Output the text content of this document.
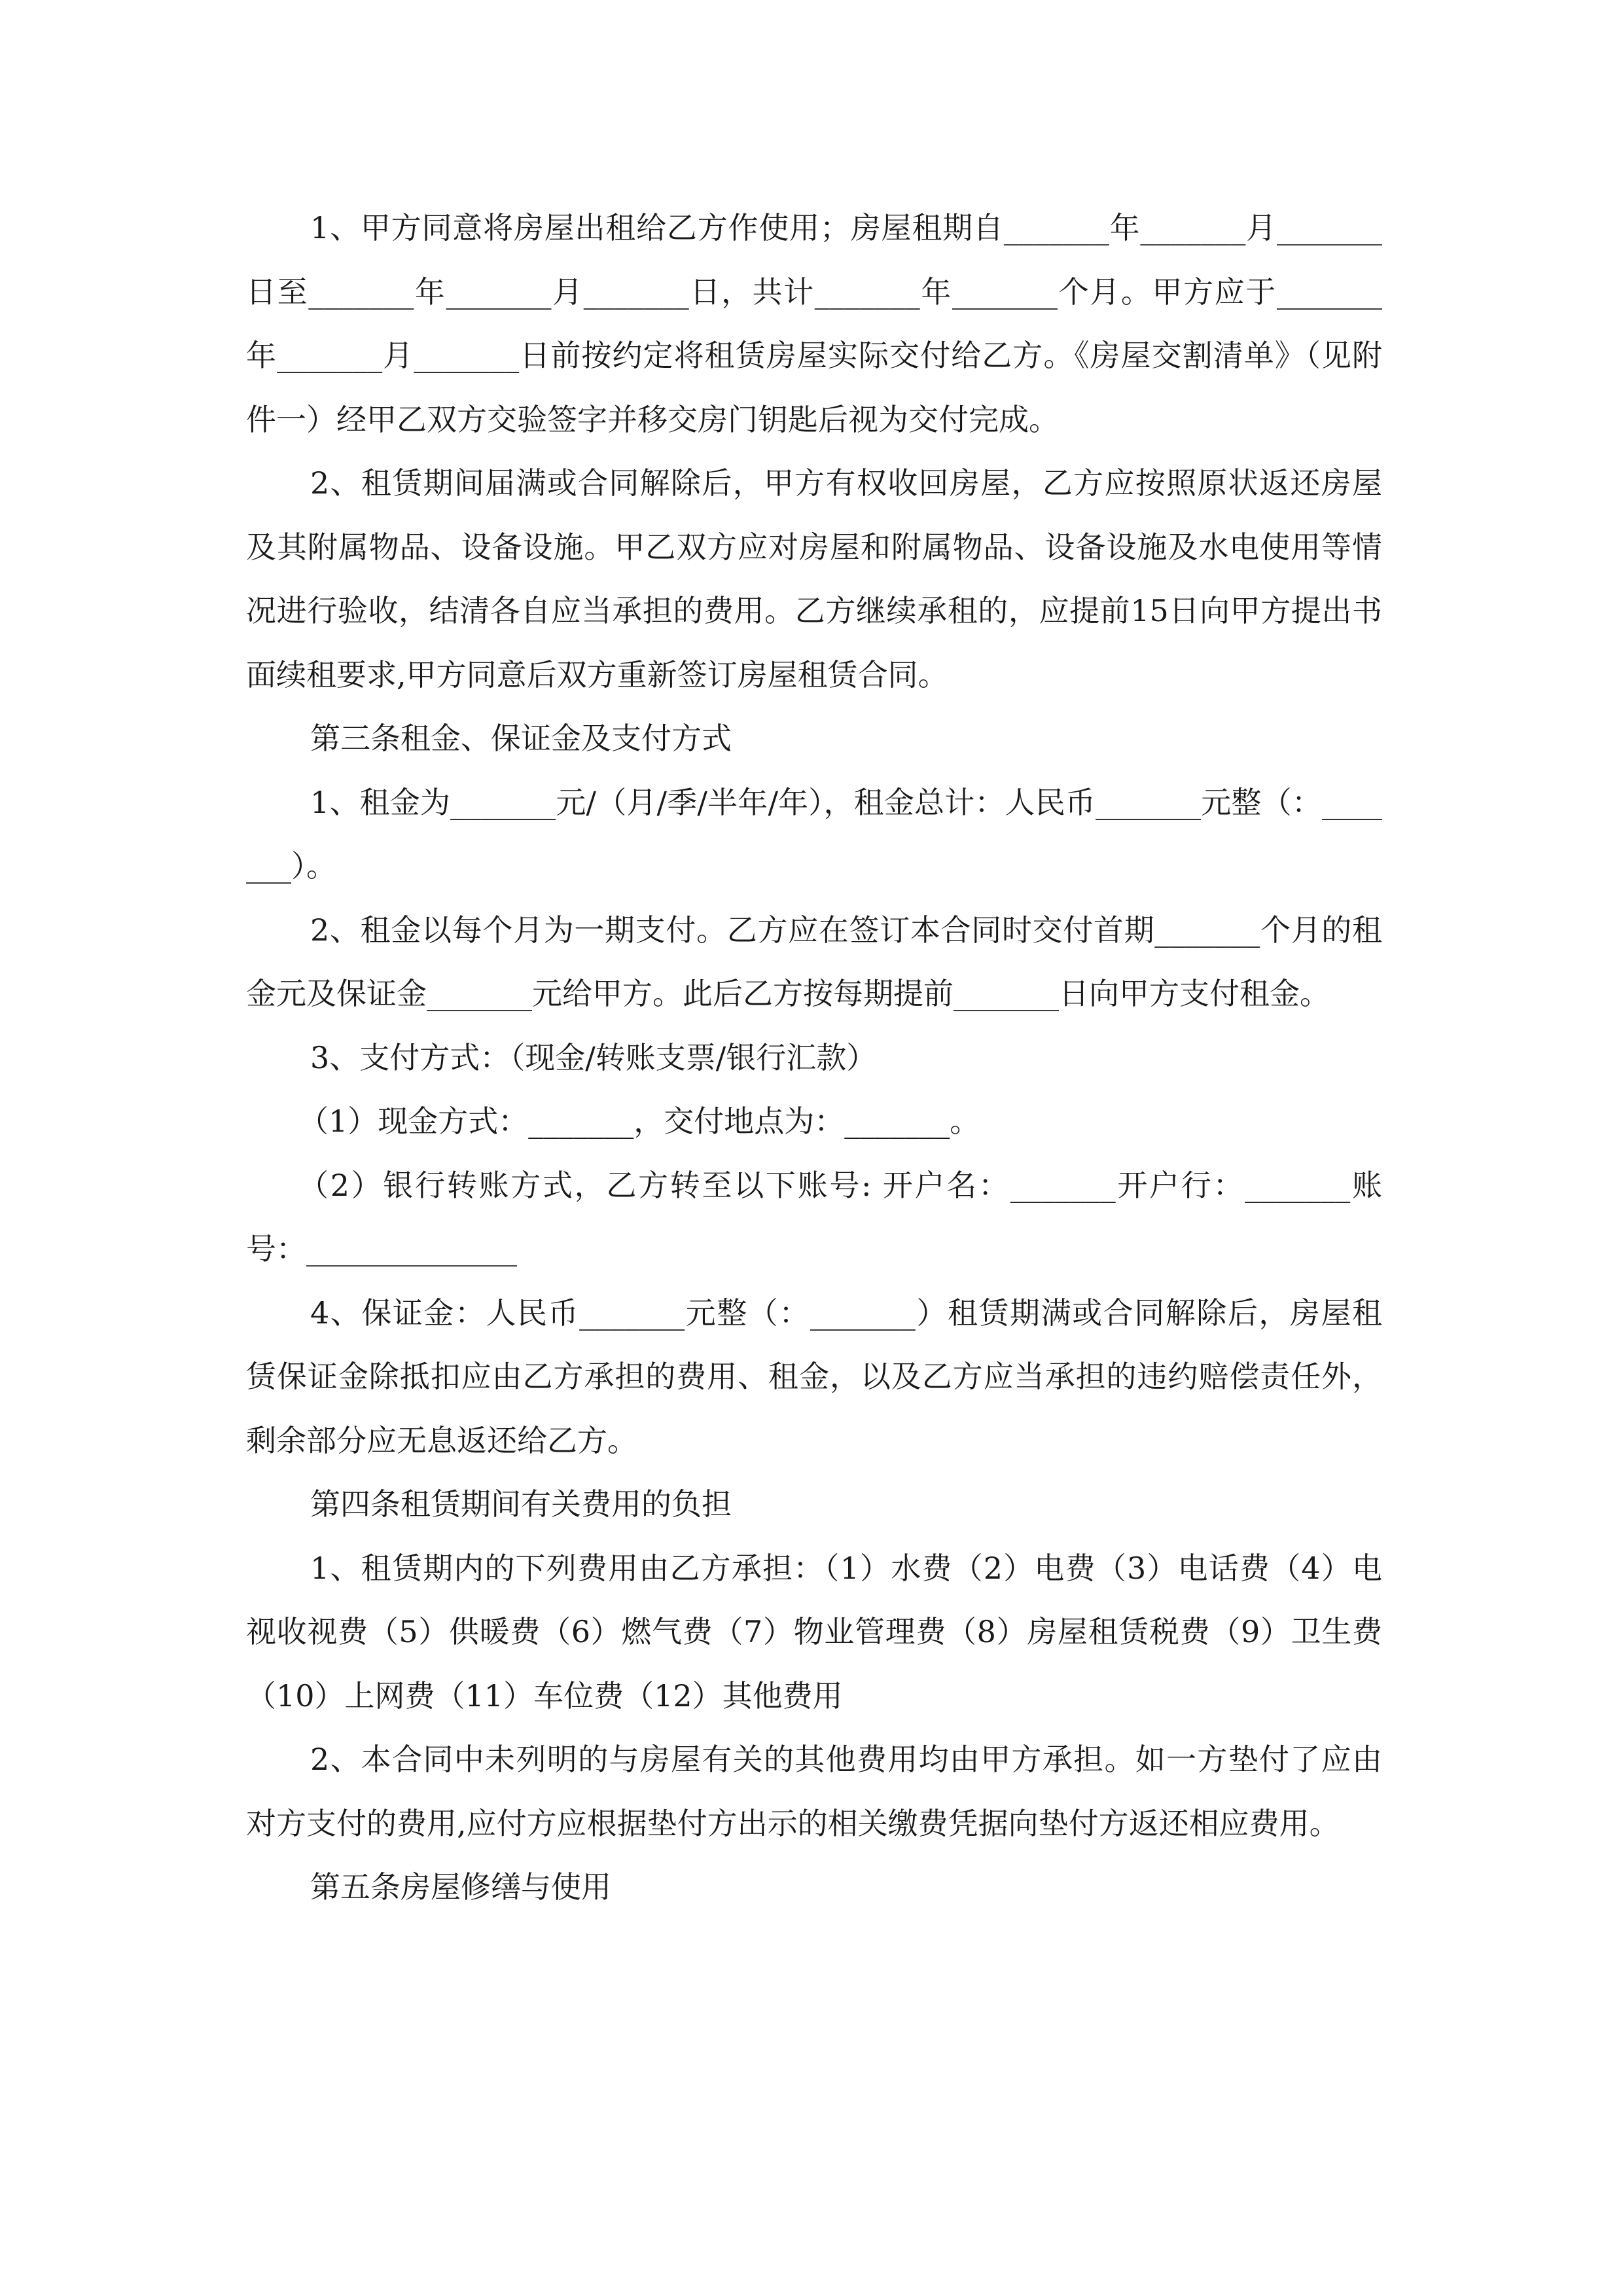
1、甲方同意将房屋出租给乙方作使用；房屋租期自_______年_______月_______日至_______年_______月_______日，共计_______年_______个月。甲方应于_______年_______月_______日前按约定将租赁房屋实际交付给乙方。《房屋交割清单》（见附件一）经甲乙双方交验签字并移交房门钥匙后视为交付完成。

2、租赁期间届满或合同解除后，甲方有权收回房屋，乙方应按照原状返还房屋及其附属物品、设备设施。甲乙双方应对房屋和附属物品、设备设施及水电使用等情况进行验收，结清各自应当承担的费用。乙方继续承租的，应提前15日向甲方提出书面续租要求,甲方同意后双方重新签订房屋租赁合同。

第三条租金、保证金及支付方式

1、租金为_______元/（月/季/半年/年），租金总计：人民币_______元整（：_______）。

2、租金以每个月为一期支付。乙方应在签订本合同时交付首期_______个月的租金元及保证金_______元给甲方。此后乙方按每期提前_______日向甲方支付租金。

3、支付方式：（现金/转账支票/银行汇款）

（1）现金方式：_______，交付地点为：_______。

（2）银行转账方式，乙方转至以下账号: 开户名：_______开户行：_______账号：______________

4、保证金：人民币_______元整（：_______）租赁期满或合同解除后，房屋租赁保证金除抵扣应由乙方承担的费用、租金，以及乙方应当承担的违约赔偿责任外，剩余部分应无息返还给乙方。

第四条租赁期间有关费用的负担

1、租赁期内的下列费用由乙方承担：（1）水费（2）电费（3）电话费（4）电视收视费（5）供暖费（6）燃气费（7）物业管理费（8）房屋租赁税费（9）卫生费（10）上网费（11）车位费（12）其他费用

2、本合同中未列明的与房屋有关的其他费用均由甲方承担。如一方垫付了应由对方支付的费用,应付方应根据垫付方出示的相关缴费凭据向垫付方返还相应费用。

第五条房屋修缮与使用
